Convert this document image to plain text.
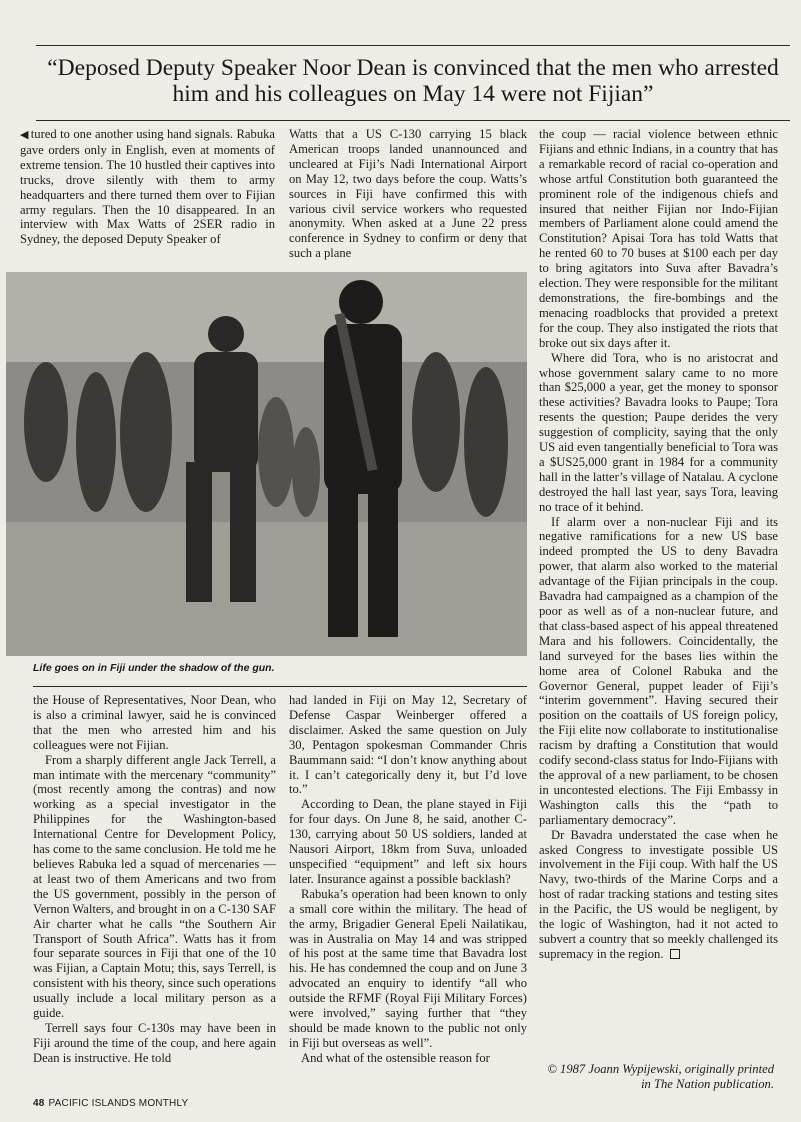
“Deposed Deputy Speaker Noor Dean is convinced that the men who arrested him and his colleagues on May 14 were not Fijian”

◀ tured to one another using hand signals. Rabuka gave orders only in English, even at moments of extreme tension. The 10 hustled their captives into trucks, drove silently with them to army headquarters and there turned them over to Fijian army regulars. Then the 10 disappeared. In an interview with Max Watts of 2SER radio in Sydney, the deposed Deputy Speaker of

Watts that a US C-130 carrying 15 black American troops landed unannounced and uncleared at Fiji’s Nadi International Airport on May 12, two days before the coup. Watts’s sources in Fiji have confirmed this with various civil service workers who requested anonymity. When asked at a June 22 press conference in Sydney to confirm or deny that such a plane

Life goes on in Fiji under the shadow of the gun.

the House of Representatives, Noor Dean, who is also a criminal lawyer, said he is convinced that the men who arrested him and his colleagues were not Fijian.

From a sharply different angle Jack Terrell, a man intimate with the mercenary “community” (most recently among the contras) and now working as a special investigator in the Philippines for the Washington-based International Centre for Development Policy, has come to the same conclusion. He told me he believes Rabuka led a squad of mercenaries — at least two of them Americans and two from the US government, possibly in the person of Vernon Walters, and brought in on a C-130 SAF Air charter what he calls “the Southern Air Transport of South Africa”. Watts has it from four separate sources in Fiji that one of the 10 was Fijian, a Captain Motu; this, says Terrell, is consistent with his theory, since such operations usually include a local military person as a guide.

Terrell says four C-130s may have been in Fiji around the time of the coup, and here again Dean is instructive. He told

had landed in Fiji on May 12, Secretary of Defense Caspar Weinberger offered a disclaimer. Asked the same question on July 30, Pentagon spokesman Commander Chris Baummann said: “I don’t know anything about it. I can’t categorically deny it, but I’d love to.”

According to Dean, the plane stayed in Fiji for four days. On June 8, he said, another C-130, carrying about 50 US soldiers, landed at Nausori Airport, 18km from Suva, unloaded unspecified “equipment” and left six hours later. Insurance against a possible backlash?

Rabuka’s operation had been known to only a small core within the military. The head of the army, Brigadier General Epeli Nailatikau, was in Australia on May 14 and was stripped of his post at the same time that Bavadra lost his. He has condemned the coup and on June 3 advocated an enquiry to identify “all who outside the RFMF (Royal Fiji Military Forces) were involved,” saying further that “they should be made known to the public not only in Fiji but overseas as well”.

And what of the ostensible reason for

the coup — racial violence between ethnic Fijians and ethnic Indians, in a country that has a remarkable record of racial co-operation and whose artful Constitution both guaranteed the prominent role of the indigenous chiefs and insured that neither Fijian nor Indo-Fijian members of Parliament alone could amend the Constitution? Apisai Tora has told Watts that he rented 60 to 70 buses at $100 each per day to bring agitators into Suva after Bavadra’s election. They were responsible for the militant demonstrations, the fire-bombings and the menacing roadblocks that provided a pretext for the coup. They also instigated the riots that broke out six days after it.

Where did Tora, who is no aristocrat and whose government salary came to no more than $25,000 a year, get the money to sponsor these activities? Bavadra looks to Paupe; Tora resents the question; Paupe derides the very suggestion of complicity, saying that the only US aid even tangentially beneficial to Tora was a $US25,000 grant in 1984 for a community hall in the latter’s village of Natalau. A cyclone destroyed the hall last year, says Tora, leaving no trace of it behind.

If alarm over a non-nuclear Fiji and its negative ramifications for a new US base indeed prompted the US to deny Bavadra power, that alarm also worked to the material advantage of the Fijian principals in the coup. Bavadra had campaigned as a champion of the poor as well as of a non-nuclear future, and that class-based aspect of his appeal threatened Mara and his followers. Coincidentally, the land surveyed for the bases lies within the home area of Colonel Rabuka and the Governor General, puppet leader of Fiji’s “interim government”. Having secured their position on the coattails of US foreign policy, the Fiji elite now collaborate to institutionalise racism by drafting a Constitution that would codify second-class status for Indo-Fijians with the approval of a new parliament, to be chosen in uncontested elections. The Fiji Embassy in Washington calls this the “path to parliamentary democracy”.

Dr Bavadra understated the case when he asked Congress to investigate possible US involvement in the Fiji coup. With half the US Navy, two-thirds of the Marine Corps and a host of radar tracking stations and testing sites in the Pacific, the US would be negligent, by the logic of Washington, had it not acted to subvert a country that so meekly challenged its supremacy in the region.

© 1987 Joann Wypijewski, originally printed in The Nation publication.
48 PACIFIC ISLANDS MONTHLY
